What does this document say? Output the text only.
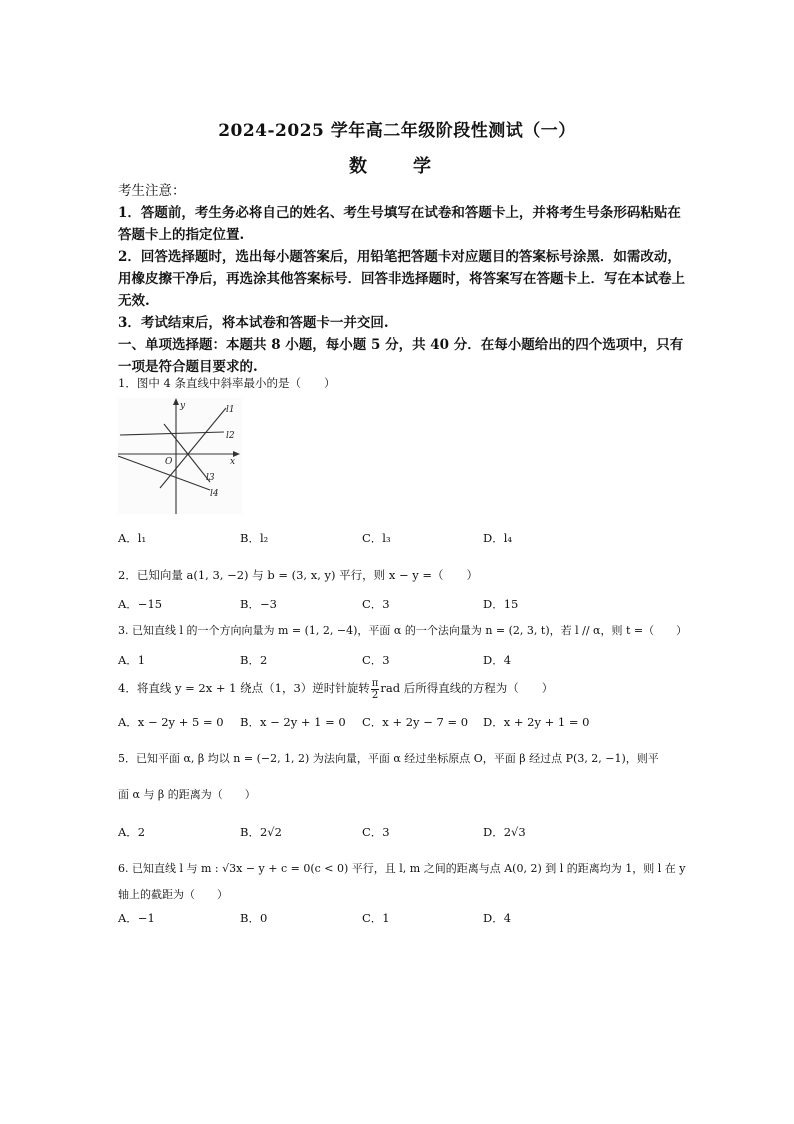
2024-2025 学年高二年级阶段性测试（一）
数　学

考生注意：

1．答题前，考生务必将自己的姓名、考生号填写在试卷和答题卡上，并将考生号条形码粘贴在答题卡上的指定位置.

2．回答选择题时，选出每小题答案后，用铅笔把答题卡对应题目的答案标号涂黑．如需改动，用橡皮擦干净后，再选涂其他答案标号．回答非选择题时，将答案写在答题卡上．写在本试卷上无效.

3．考试结束后，将本试卷和答题卡一并交回.

一、单项选择题：本题共 8 小题，每小题 5 分，共 40 分．在每小题给出的四个选项中，只有一项是符合题目要求的.

1．图中 4 条直线中斜率最小的是（　　）
y
x
O
l1
l2
l3
l4
A．l₁	B．l₂	C．l₃	D．l₄
2．已知向量 a(1, 3, −2) 与 b = (3, x, y) 平行，则 x − y =（　　）
A．−15	B．−3	C．3	D．15
3. 已知直线 l 的一个方向向量为 m = (1, 2, −4)，平面 α 的一个法向量为 n = (2, 3, t)，若 l // α，则 t =（　　）
A．1	B．2	C．3	D．4
4．将直线 y = 2x + 1 绕点（1，3）逆时针旋转 $\frac{\pi}{2}$ rad 后所得直线的方程为（　　）
A．x − 2y + 5 = 0 B．x − 2y + 1 = 0 C．x + 2y − 7 = 0 D．x + 2y + 1 = 0
5．已知平面 α, β 均以 n = (−2, 1, 2) 为法向量，平面 α 经过坐标原点 O，平面 β 经过点 P(3, 2, −1)，则平
面 α 与 β 的距离为（　　）
A．2	B．2√2	C．3	D．2√3
6. 已知直线 l 与 m : √3x − y + c = 0(c < 0) 平行，且 l, m 之间的距离与点 A(0, 2) 到 l 的距离均为 1，则 l 在 y
轴上的截距为（　　）
A．−1	B．0	C．1	D．4
